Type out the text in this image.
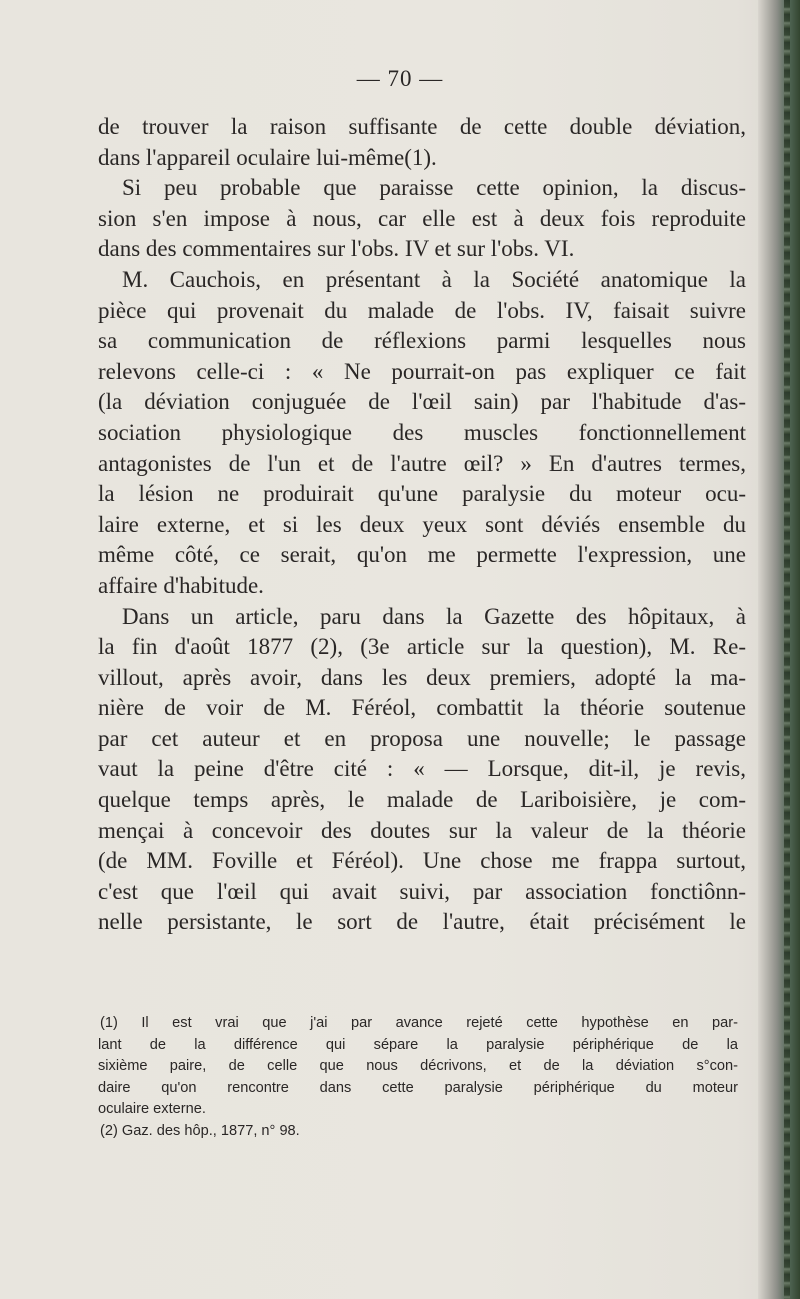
— 70 —
de trouver la raison suffisante de cette double déviation,
dans l'appareil oculaire lui-même(1).
Si peu probable que paraisse cette opinion, la discus-
sion s'en impose à nous, car elle est à deux fois reproduite
dans des commentaires sur l'obs. IV et sur l'obs. VI.
M. Cauchois, en présentant à la Société anatomique la
pièce qui provenait du malade de l'obs. IV, faisait suivre
sa communication de réflexions parmi lesquelles nous
relevons celle-ci : « Ne pourrait-on pas expliquer ce fait
(la déviation conjuguée de l'œil sain) par l'habitude d'as-
sociation physiologique des muscles fonctionnellement
antagonistes de l'un et de l'autre œil? » En d'autres termes,
la lésion ne produirait qu'une paralysie du moteur ocu-
laire externe, et si les deux yeux sont déviés ensemble du
même côté, ce serait, qu'on me permette l'expression, une
affaire d'habitude.
Dans un article, paru dans la Gazette des hôpitaux, à
la fin d'août 1877 (2), (3e article sur la question), M. Re-
villout, après avoir, dans les deux premiers, adopté la ma-
nière de voir de M. Féréol, combattit la théorie soutenue
par cet auteur et en proposa une nouvelle; le passage
vaut la peine d'être cité : « — Lorsque, dit-il, je revis,
quelque temps après, le malade de Lariboisière, je com-
mençai à concevoir des doutes sur la valeur de la théorie
(de MM. Foville et Féréol). Une chose me frappa surtout,
c'est que l'œil qui avait suivi, par association fonctiônn-
nelle persistante, le sort de l'autre, était précisément le
(1) Il est vrai que j'ai par avance rejeté cette hypothèse en par-
lant de la différence qui sépare la paralysie périphérique de la
sixième paire, de celle que nous décrivons, et de la déviation s°con-
daire qu'on rencontre dans cette paralysie périphérique du moteur
oculaire externe.
(2) Gaz. des hôp., 1877, n° 98.
